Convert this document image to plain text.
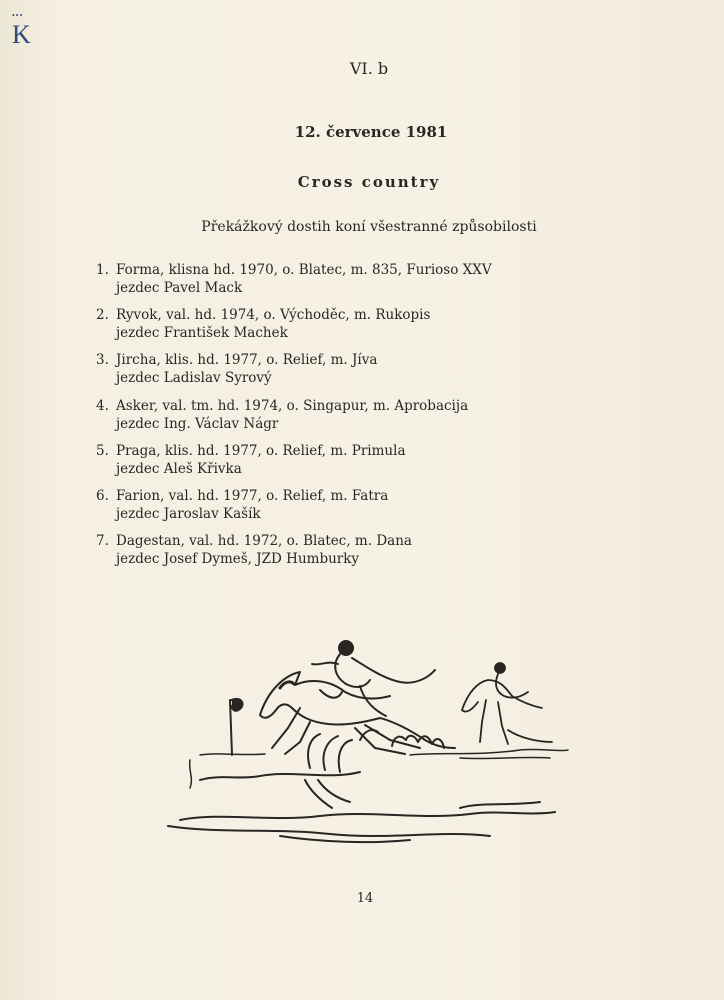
•••
K
VI. b
12. července 1981
Cross country
Překážkový dostih koní všestranné způsobilosti
1. Forma, klisna hd. 1970, o. Blatec, m. 835, Furioso XXV
jezdec Pavel Mack
2. Ryvok, val. hd. 1974, o. Východěc, m. Rukopis
jezdec František Machek
3. Jircha, klis. hd. 1977, o. Relief, m. Jíva
jezdec Ladislav Syrový
4. Asker, val. tm. hd. 1974, o. Singapur, m. Aprobacija
jezdec Ing. Václav Nágr
5. Praga, klis. hd. 1977, o. Relief, m. Primula
jezdec Aleš Křivka
6. Farion, val. hd. 1977, o. Relief, m. Fatra
jezdec Jaroslav Kašík
7. Dagestan, val. hd. 1972, o. Blatec, m. Dana
jezdec Josef Dymeš, JZD Humburky
14
